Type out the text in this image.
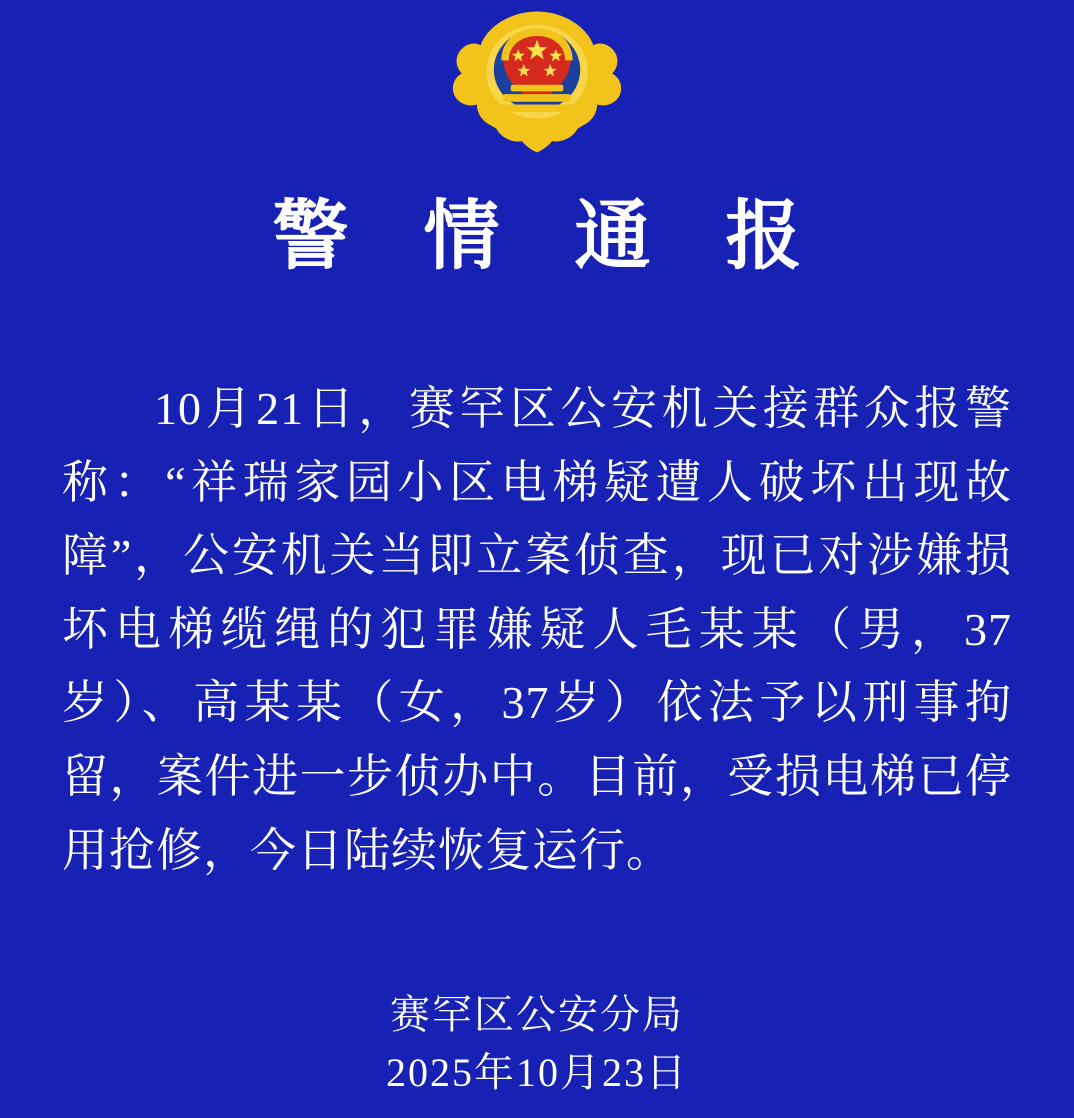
警 情 通 报
10月21日，赛罕区公安机关接群众报警称：“祥瑞家园小区电梯疑遭人破坏出现故障”，公安机关当即立案侦查，现已对涉嫌损坏电梯缆绳的犯罪嫌疑人毛某某（男，37岁）、高某某（女，37岁）依法予以刑事拘留，案件进一步侦办中。目前，受损电梯已停用抢修，今日陆续恢复运行。
赛罕区公安分局
2025年10月23日
